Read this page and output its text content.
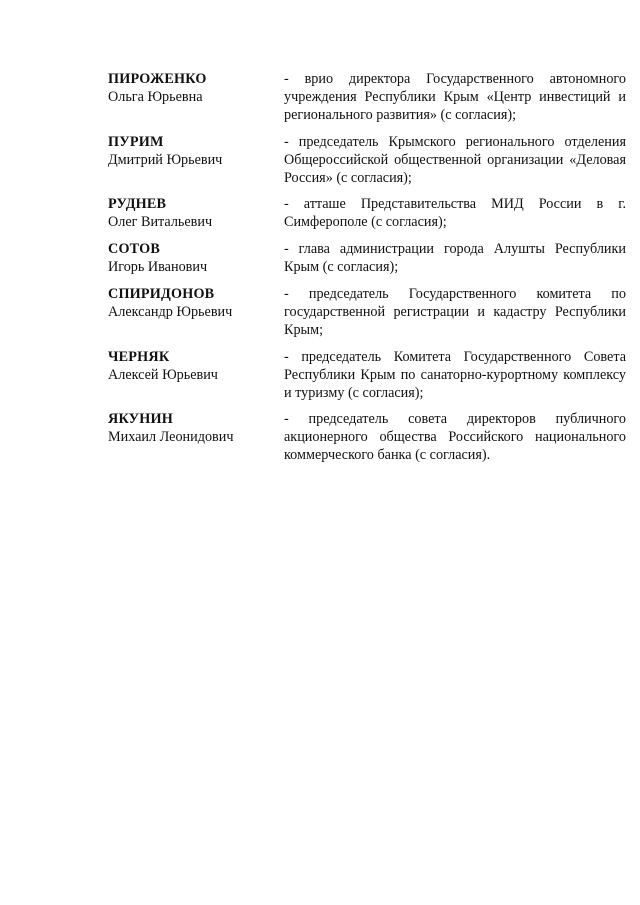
ПИРОЖЕНКО
Ольга Юрьевна
- врио директора Государственного автономного учреждения Республики Крым «Центр инвестиций и регионального развития» (с согласия);
ПУРИМ
Дмитрий Юрьевич
- председатель Крымского регионального отделения Общероссийской общественной организации «Деловая Россия» (с согласия);
РУДНЕВ
Олег Витальевич
- атташе Представительства МИД России в г. Симферополе (с согласия);
СОТОВ
Игорь Иванович
- глава администрации города Алушты Республики Крым (с согласия);
СПИРИДОНОВ
Александр Юрьевич
- председатель Государственного комитета по государственной регистрации и кадастру Республики Крым;
ЧЕРНЯК
Алексей Юрьевич
- председатель Комитета Государственного Совета Республики Крым по санаторно-курортному комплексу и туризму (с согласия);
ЯКУНИН
Михаил Леонидович
- председатель совета директоров публичного акционерного общества Российского национального коммерческого банка (с согласия).
